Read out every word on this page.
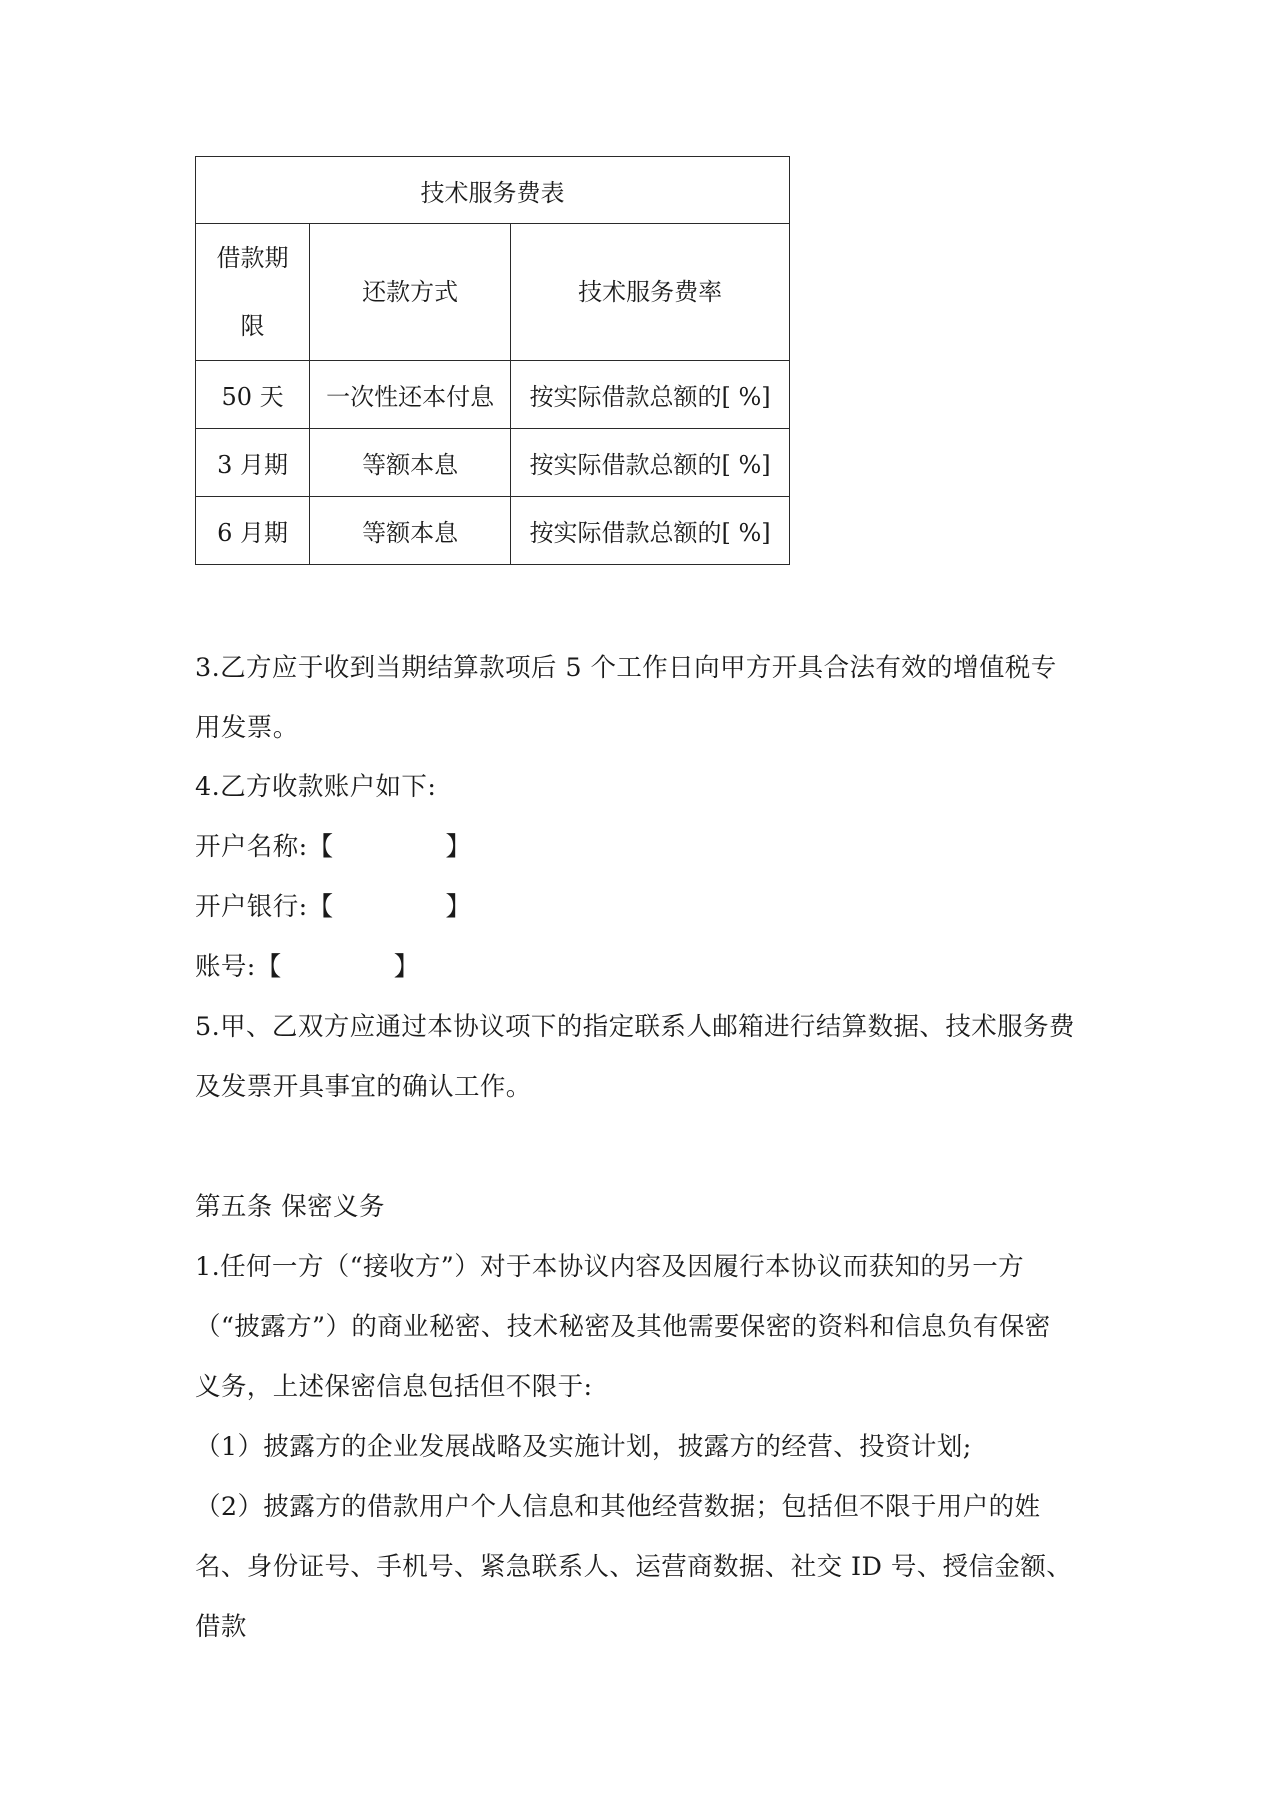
技术服务费表		

借款期限	还款方式	技术服务费率
50 天	一次性还本付息	按实际借款总额的[ %]
3 月期	等额本息	按实际借款总额的[ %]
6 月期	等额本息	按实际借款总额的[ %]

3.乙方应于收到当期结算款项后 5 个工作日向甲方开具合法有效的增值税专用发票。

4.乙方收款账户如下:

开户名称:【	】

开户银行:【	】

账号:【	】

5.甲、乙双方应通过本协议项下的指定联系人邮箱进行结算数据、技术服务费及发票开具事宜的确认工作。

第五条 保密义务

1.任何一方（“接收方”）对于本协议内容及因履行本协议而获知的另一方（“披露方”）的商业秘密、技术秘密及其他需要保密的资料和信息负有保密义务，上述保密信息包括但不限于:

（1）披露方的企业发展战略及实施计划，披露方的经营、投资计划;

（2）披露方的借款用户个人信息和其他经营数据；包括但不限于用户的姓名、身份证号、手机号、紧急联系人、运营商数据、社交 ID 号、授信金额、借款
